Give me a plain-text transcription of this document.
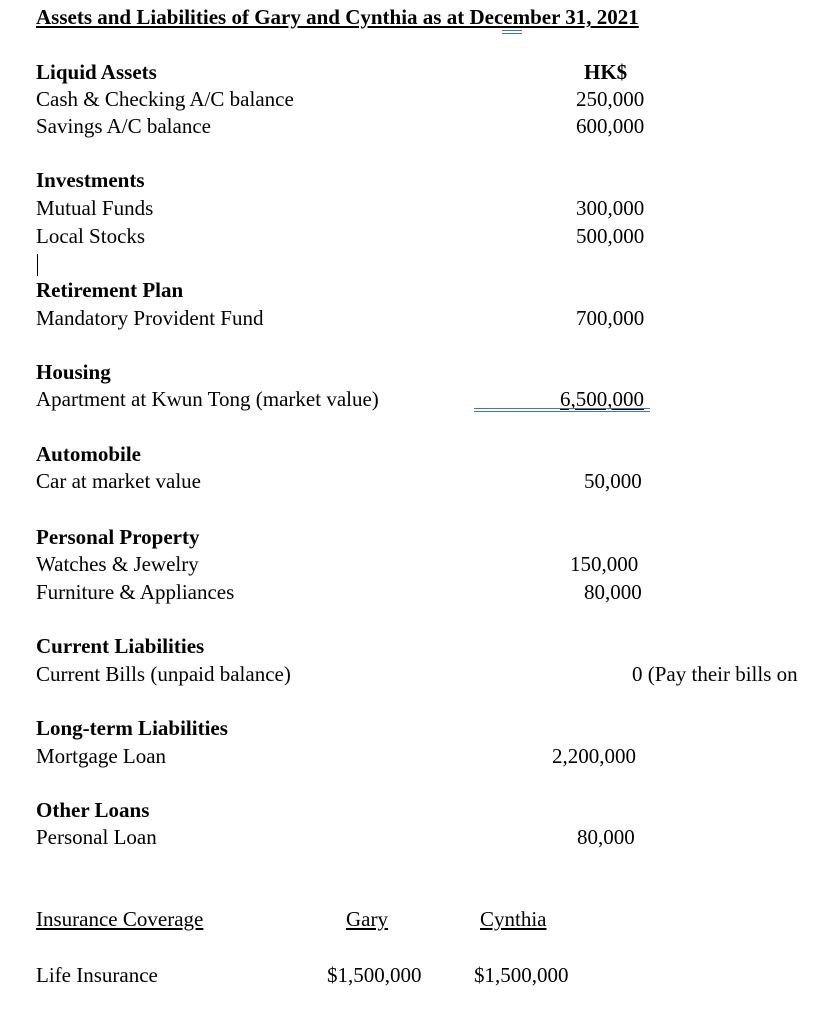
Assets and Liabilities of Gary and Cynthia as at December 31, 2021
Liquid Assets	HK$
Cash & Checking A/C balance	250,000
Savings A/C balance	600,000
Investments
Mutual Funds	300,000
Local Stocks	500,000
Retirement Plan
Mandatory Provident Fund	700,000
Housing
Apartment at Kwun Tong (market value)	6,500,000
Automobile
Car at market value	50,000
Personal Property
Watches & Jewelry	150,000
Furniture & Appliances	80,000
Current Liabilities
Current Bills (unpaid balance)	0 (Pay their bills on
Long-term Liabilities
Mortgage Loan	2,200,000
Other Loans
Personal Loan	80,000
Insurance Coverage	Gary	Cynthia
Life Insurance	$1,500,000	$1,500,000
